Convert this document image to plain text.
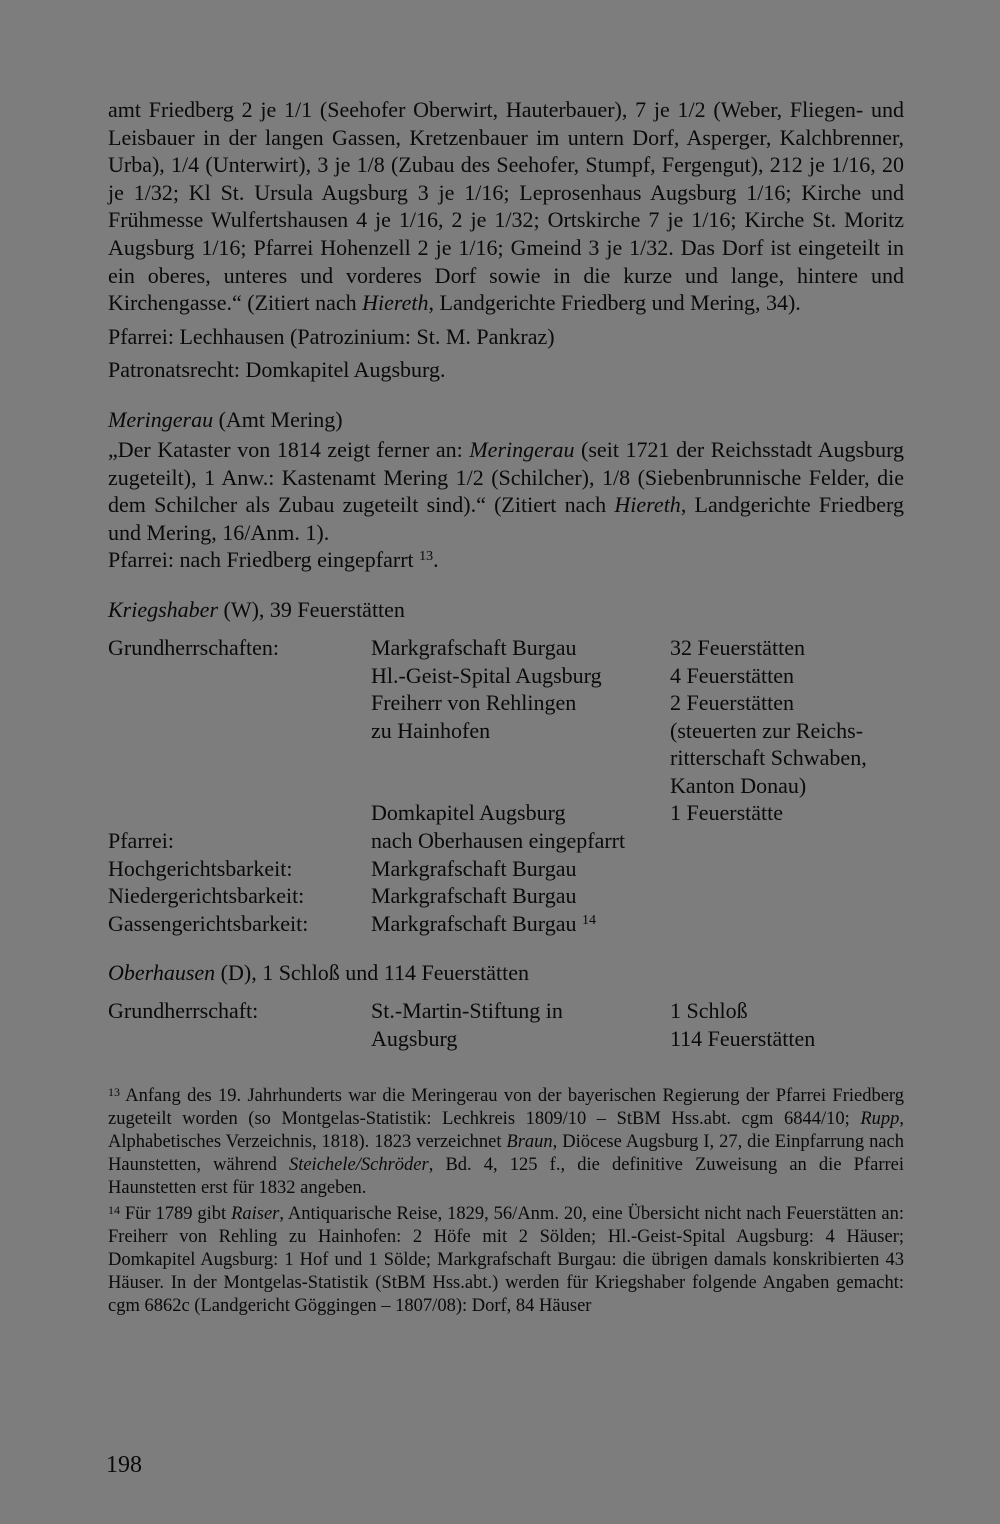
amt Friedberg 2 je 1/1 (Seehofer Oberwirt, Hauterbauer), 7 je 1/2 (Weber, Fliegen- und Leisbauer in der langen Gassen, Kretzenbauer im untern Dorf, Asperger, Kalchbrenner, Urba), 1/4 (Unterwirt), 3 je 1/8 (Zubau des Seehofer, Stumpf, Fergengut), 212 je 1/16, 20 je 1/32; Kl St. Ursula Augsburg 3 je 1/16; Leprosenhaus Augsburg 1/16; Kirche und Frühmesse Wulfertshausen 4 je 1/16, 2 je 1/32; Ortskirche 7 je 1/16; Kirche St. Moritz Augsburg 1/16; Pfarrei Hohenzell 2 je 1/16; Gmeind 3 je 1/32. Das Dorf ist eingeteilt in ein oberes, unteres und vorderes Dorf sowie in die kurze und lange, hintere und Kirchengasse.“ (Zitiert nach Hiereth, Landgerichte Friedberg und Mering, 34).

Pfarrei: Lechhausen (Patrozinium: St. M. Pankraz)

Patronatsrecht: Domkapitel Augsburg.

Meringerau (Amt Mering)

„Der Kataster von 1814 zeigt ferner an: Meringerau (seit 1721 der Reichsstadt Augsburg zugeteilt), 1 Anw.: Kastenamt Mering 1/2 (Schilcher), 1/8 (Siebenbrunnische Felder, die dem Schilcher als Zubau zugeteilt sind).“ (Zitiert nach Hiereth, Landgerichte Friedberg und Mering, 16/Anm. 1).

Pfarrei: nach Friedberg eingepfarrt $^{13}$.

Kriegshaber (W), 39 Feuerstätten

Grundherrschaften:	Markgrafschaft Burgau	32 Feuerstätten
Hl.-Geist-Spital Augsburg	4 Feuerstätten
Freiherr von Rehlingen	2 Feuerstätten
zu Hainhofen	(steuerten zur Reichs-
ritterschaft Schwaben,
Kanton Donau)
Domkapitel Augsburg	1 Feuerstätte
Pfarrei:	nach Oberhausen eingepfarrt
Hochgerichtsbarkeit:	Markgrafschaft Burgau
Niedergerichtsbarkeit:	Markgrafschaft Burgau
Gassengerichtsbarkeit:	Markgrafschaft Burgau $^{14}$

Oberhausen (D), 1 Schloß und 114 Feuerstätten

Grundherrschaft:	St.-Martin-Stiftung in	1 Schloß
Augsburg	114 Feuerstätten

$^{13}$ Anfang des 19. Jahrhunderts war die Meringerau von der bayerischen Regierung der Pfarrei Friedberg zugeteilt worden (so Montgelas-Statistik: Lechkreis 1809/10 – StBM Hss.abt. cgm 6844/10; Rupp, Alphabetisches Verzeichnis, 1818). 1823 verzeichnet Braun, Diöcese Augsburg I, 27, die Einpfarrung nach Haunstetten, während Steichele/Schröder, Bd. 4, 125 f., die definitive Zuweisung an die Pfarrei Haunstetten erst für 1832 angeben.

$^{14}$ Für 1789 gibt Raiser, Antiquarische Reise, 1829, 56/Anm. 20, eine Übersicht nicht nach Feuerstätten an: Freiherr von Rehling zu Hainhofen: 2 Höfe mit 2 Sölden; Hl.-Geist-Spital Augsburg: 4 Häuser; Domkapitel Augsburg: 1 Hof und 1 Sölde; Markgrafschaft Burgau: die übrigen damals konskribierten 43 Häuser. In der Montgelas-Statistik (StBM Hss.abt.) werden für Kriegshaber folgende Angaben gemacht: cgm 6862c (Landgericht Göggingen – 1807/08): Dorf, 84 Häuser

198
